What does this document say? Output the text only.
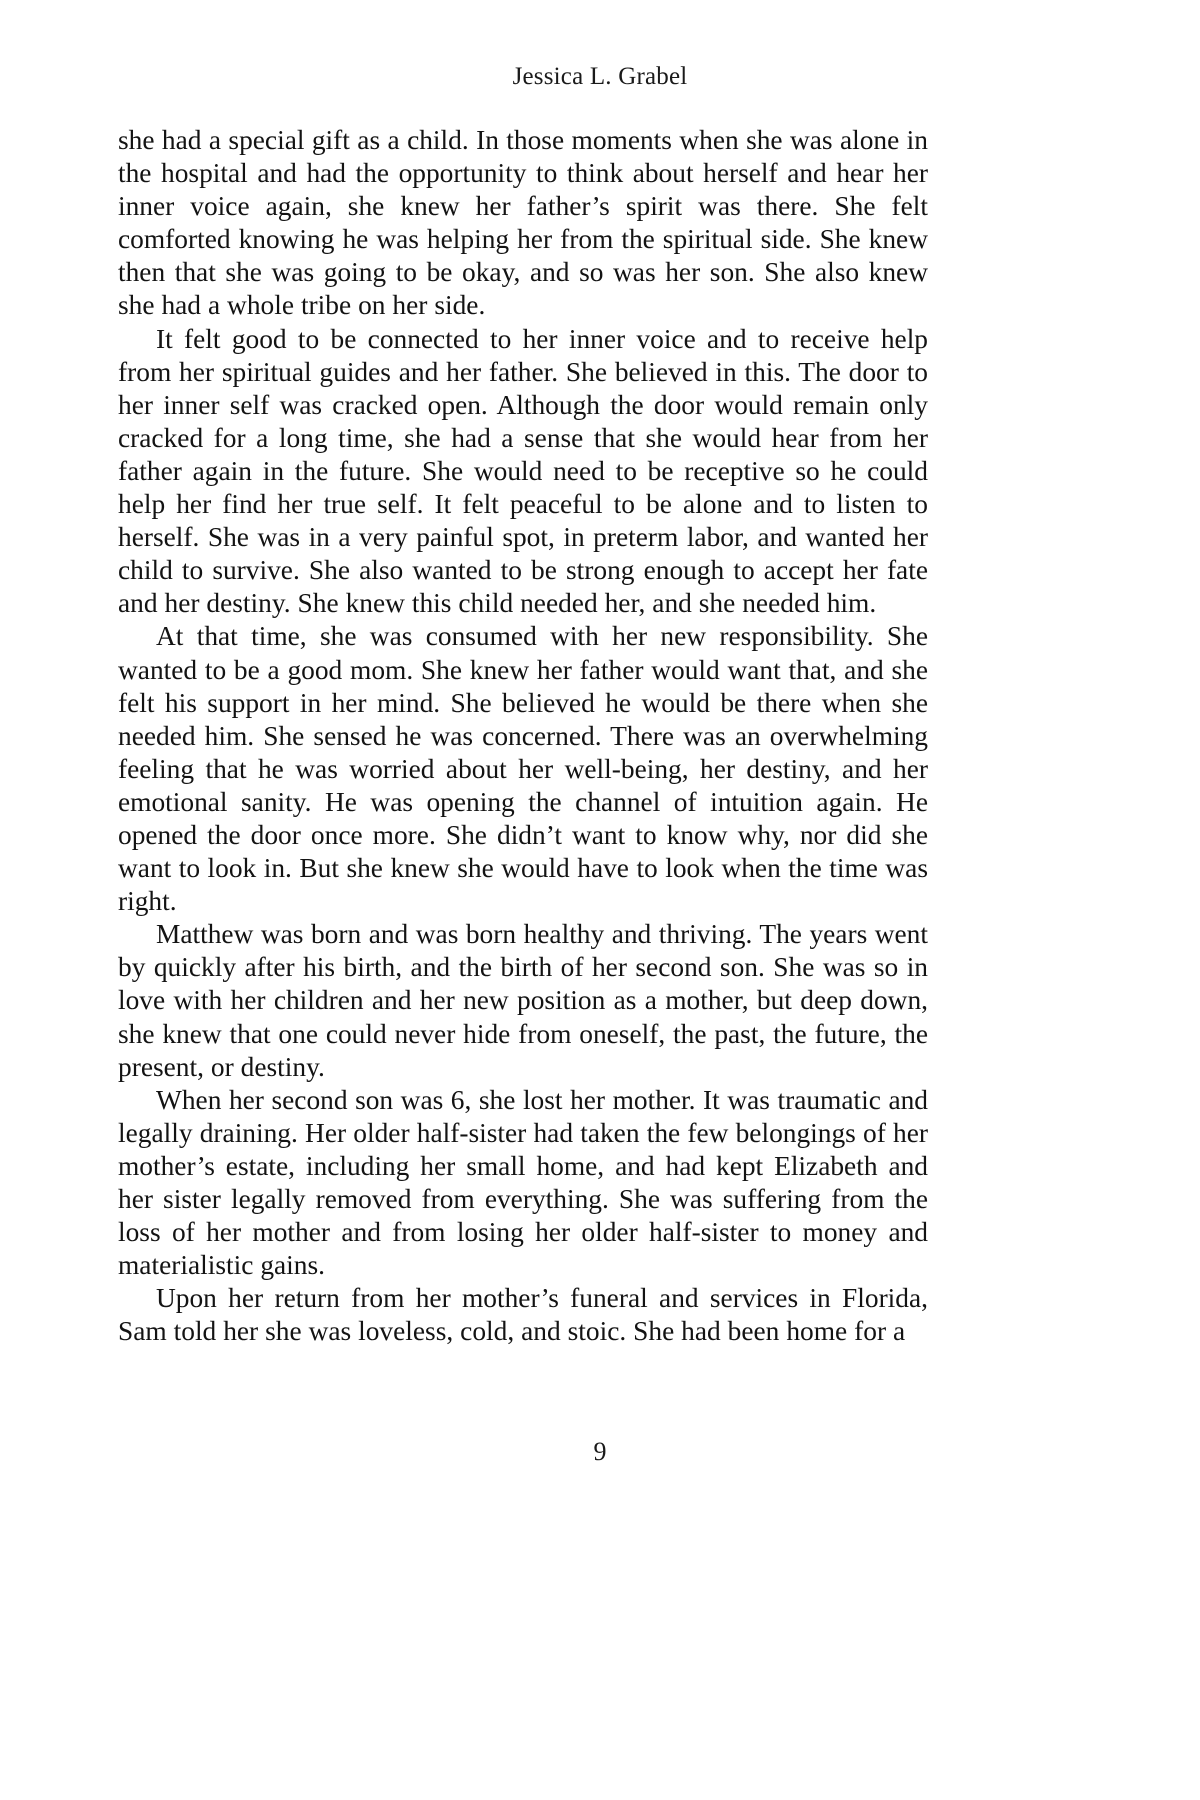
Jessica L. Grabel

she had a special gift as a child. In those moments when she was alone in the hospital and had the opportunity to think about herself and hear her inner voice again, she knew her father’s spirit was there. She felt comforted knowing he was helping her from the spiritual side. She knew then that she was going to be okay, and so was her son. She also knew she had a whole tribe on her side.

It felt good to be connected to her inner voice and to receive help from her spiritual guides and her father. She believed in this. The door to her inner self was cracked open. Although the door would remain only cracked for a long time, she had a sense that she would hear from her father again in the future. She would need to be receptive so he could help her find her true self. It felt peaceful to be alone and to listen to herself. She was in a very painful spot, in preterm labor, and wanted her child to survive. She also wanted to be strong enough to accept her fate and her destiny. She knew this child needed her, and she needed him.

At that time, she was consumed with her new responsibility. She wanted to be a good mom. She knew her father would want that, and she felt his support in her mind. She believed he would be there when she needed him. She sensed he was concerned. There was an overwhelming feeling that he was worried about her well-being, her destiny, and her emotional sanity. He was opening the channel of intuition again. He opened the door once more. She didn’t want to know why, nor did she want to look in. But she knew she would have to look when the time was right.

Matthew was born and was born healthy and thriving. The years went by quickly after his birth, and the birth of her second son. She was so in love with her children and her new position as a mother, but deep down, she knew that one could never hide from oneself, the past, the future, the present, or destiny.

When her second son was 6, she lost her mother. It was traumatic and legally draining. Her older half-sister had taken the few belongings of her mother’s estate, including her small home, and had kept Elizabeth and her sister legally removed from everything. She was suffering from the loss of her mother and from losing her older half-sister to money and materialistic gains.

Upon her return from her mother’s funeral and services in Florida, Sam told her she was loveless, cold, and stoic. She had been home for a

9
